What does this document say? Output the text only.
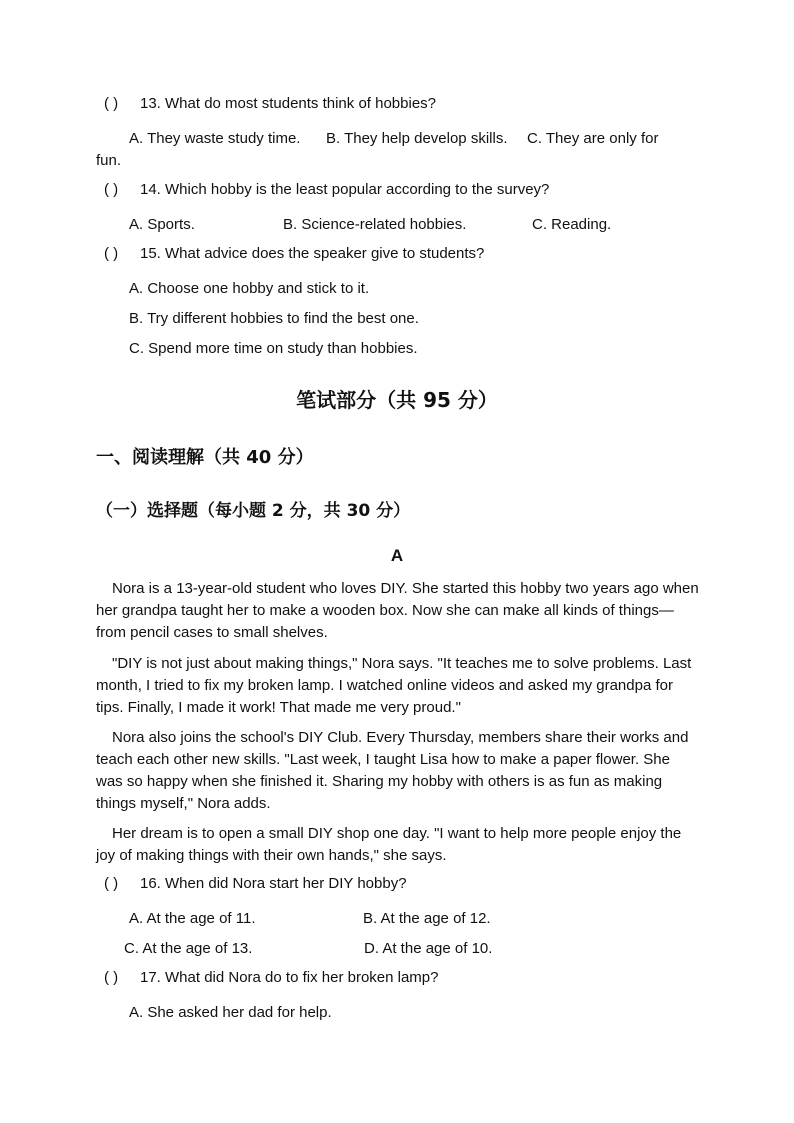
( ) 13. What do most students think of hobbies?
A. They waste study time. B. They help develop skills. C. They are only for
fun.
( ) 14. Which hobby is the least popular according to the survey?
A. Sports.	B. Science-related hobbies.	C. Reading.
( ) 15. What advice does the speaker give to students?
A. Choose one hobby and stick to it.
B. Try different hobbies to find the best one.
C. Spend more time on study than hobbies.
笔试部分（共 95 分）
一、阅读理解（共 40 分）
（一）选择题（每小题 2 分，共 30 分）
A
Nora is a 13-year-old student who loves DIY. She started this hobby two years ago when her grandpa taught her to make a wooden box. Now she can make all kinds of things—from pencil cases to small shelves.
"DIY is not just about making things," Nora says. "It teaches me to solve problems. Last month, I tried to fix my broken lamp. I watched online videos and asked my grandpa for tips. Finally, I made it work! That made me very proud."
Nora also joins the school's DIY Club. Every Thursday, members share their works and teach each other new skills. "Last week, I taught Lisa how to make a paper flower. She was so happy when she finished it. Sharing my hobby with others is as fun as making things myself," Nora adds.
Her dream is to open a small DIY shop one day. "I want to help more people enjoy the joy of making things with their own hands," she says.
( ) 16. When did Nora start her DIY hobby?
A. At the age of 11.	B. At the age of 12.
C. At the age of 13.	D. At the age of 10.
( ) 17. What did Nora do to fix her broken lamp?
A. She asked her dad for help.
